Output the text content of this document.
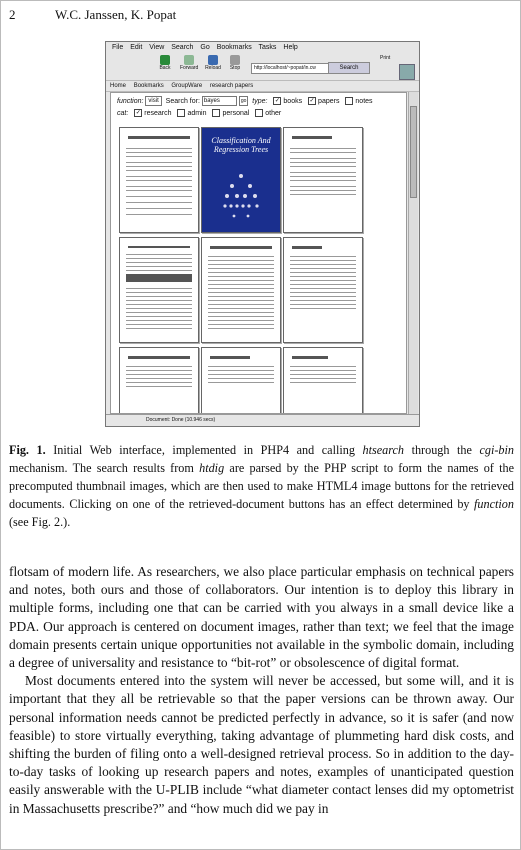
2	W.C. Janssen, K. Popat
File Edit View Search Go Bookmarks Tasks Help
Back	Forward Reload	Stop	http://localhost/~popat/in.cw	Search
Print
Home Bookmarks GroupWare research papers
function: visit Search for: bayes	go type: ✓ books ✓ papers notes
cat: ✓ research admin personal other
Classification And Regression Trees
Document: Done (10.946 secs)
Fig. 1. Initial Web interface, implemented in PHP4 and calling htsearch through the cgi-bin mechanism. The search results from htdig are parsed by the PHP script to form the names of the precomputed thumbnail images, which are then used to make HTML4 image buttons for the retrieved documents. Clicking on one of the retrieved-document buttons has an effect determined by function (see Fig. 2.).

flotsam of modern life. As researchers, we also place particular emphasis on technical papers and notes, both ours and those of collaborators. Our intention is to deploy this library in multiple forms, including one that can be carried with you always in a small device like a PDA. Our approach is centered on document images, rather than text; we feel that the image domain presents certain unique opportunities not available in the symbolic domain, including a degree of universality and resistance to “bit-rot” or obsolescence of digital format.

Most documents entered into the system will never be accessed, but some will, and it is important that they all be retrievable so that the paper versions can be thrown away. Our personal information needs cannot be predicted perfectly in advance, so it is safer (and now feasible) to store virtually everything, taking advantage of plummeting hard disk costs, and shifting the burden of filing onto a well-designed retrieval process. So in addition to the day-to-day tasks of looking up research papers and notes, examples of unanticipated question easily answerable with the U-PLIB include “what diameter contact lenses did my optometrist in Massachusetts prescribe?” and “how much did we pay in
